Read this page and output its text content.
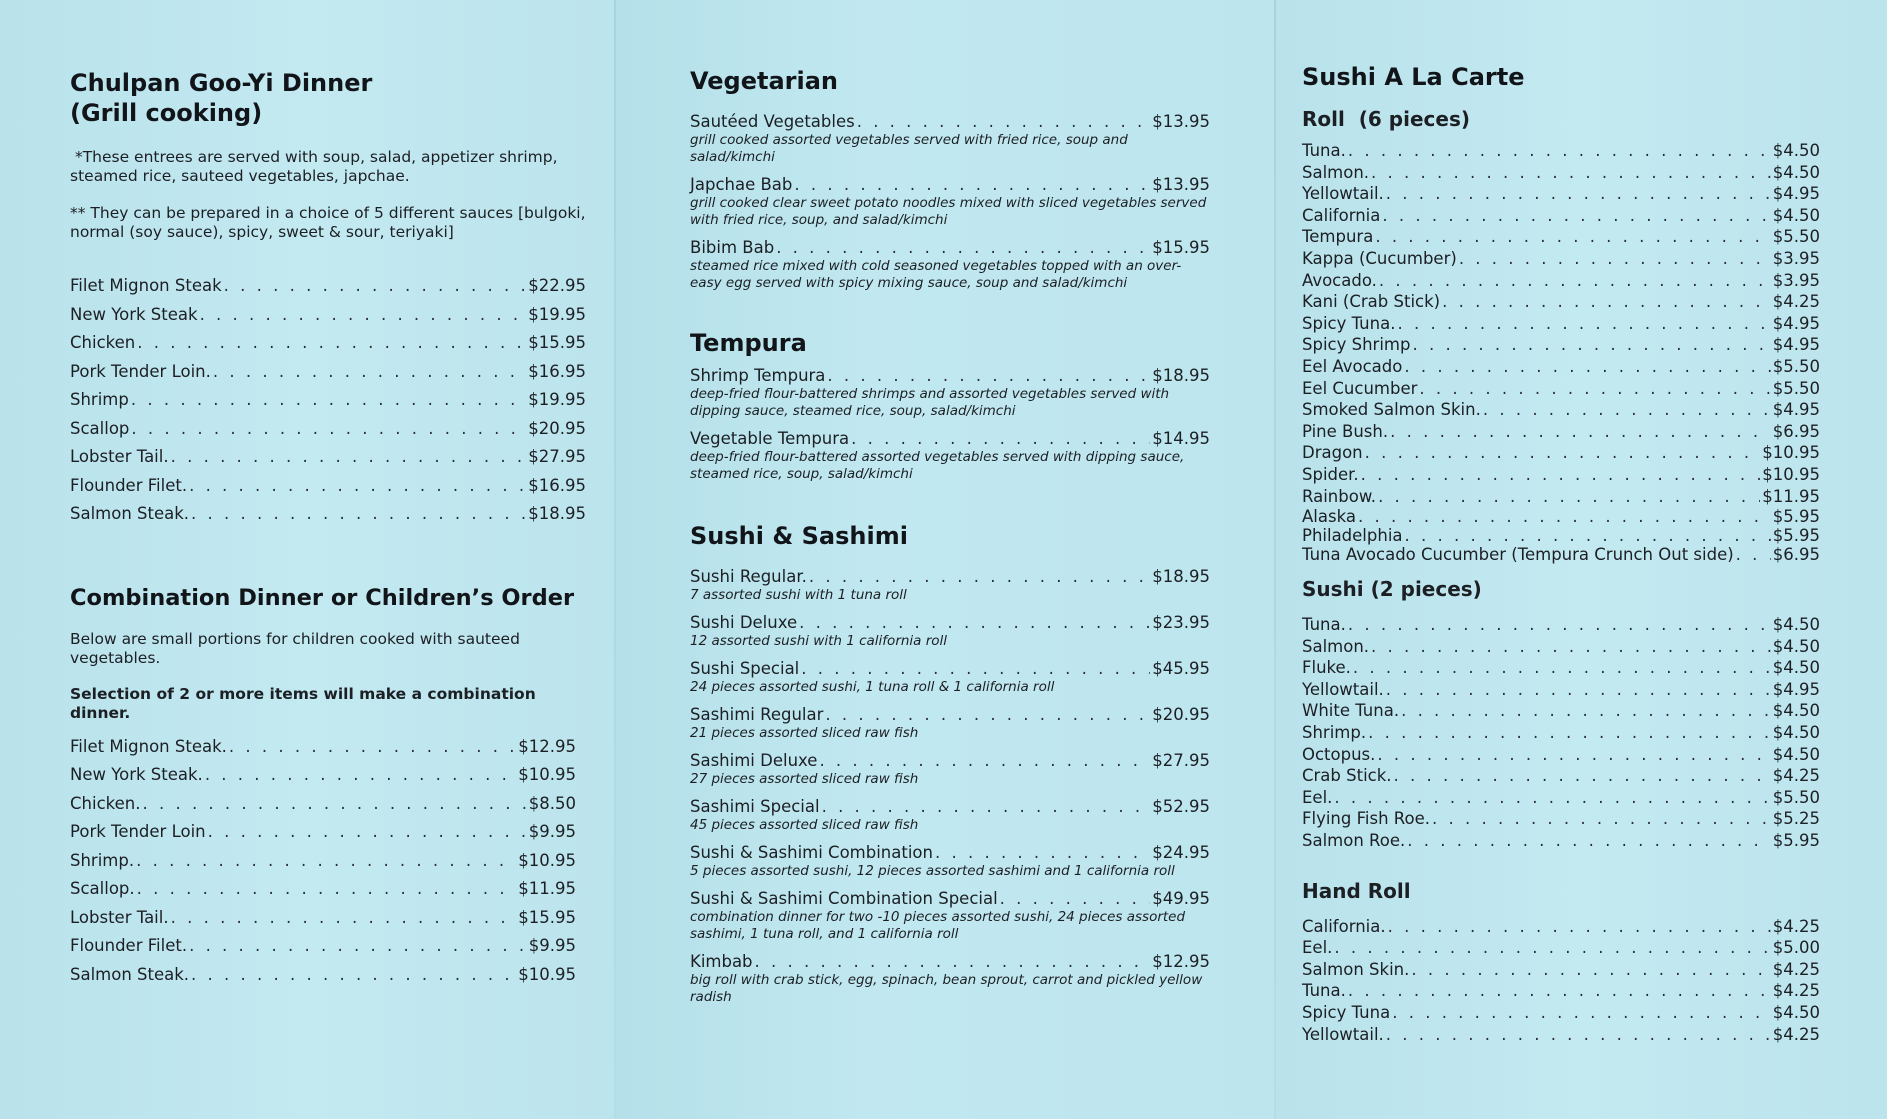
Chulpan Goo-Yi Dinner
(Grill cooking)

*These entrees are served with soup, salad, appetizer shrimp, steamed rice, sauteed vegetables, japchae.

** They can be prepared in a choice of 5 different sauces [bulgoki, normal (soy sauce), spicy, sweet & sour, teriyaki]

Filet Mignon Steak . . .	$22.95
New York Steak . . .	$19.95
Chicken . . .	$15.95
Pork Tender Loin. . . .	$16.95
Shrimp . . .	$19.95
Scallop . . .	$20.95
Lobster Tail. . . .	$27.95
Flounder Filet. . . .	$16.95
Salmon Steak. . . .	$18.95
Combination Dinner or Children’s Order

Below are small portions for children cooked with sauteed vegetables.

Selection of 2 or more items will make a combination dinner.

Filet Mignon Steak. . . .	$12.95
New York Steak. . . .	$10.95
Chicken. . . .	$8.50
Pork Tender Loin . . .	$9.95
Shrimp. . . .	$10.95
Scallop. . . .	$11.95
Lobster Tail. . . .	$15.95
Flounder Filet. . . .	$9.95
Salmon Steak. . . .	$10.95
Vegetarian
Sautéed Vegetables . . .	$13.95
grill cooked assorted vegetables served with fried rice, soup and salad/kimchi
Japchae Bab . . .	$13.95
grill cooked clear sweet potato noodles mixed with sliced vegetables served with fried rice, soup, and salad/kimchi
Bibim Bab . . .	$15.95
steamed rice mixed with cold seasoned vegetables topped with an over-easy egg served with spicy mixing sauce, soup and salad/kimchi
Tempura
Shrimp Tempura . . .	$18.95
deep-fried flour-battered shrimps and assorted vegetables served with dipping sauce, steamed rice, soup, salad/kimchi
Vegetable Tempura . . .	$14.95
deep-fried flour-battered assorted vegetables served with dipping sauce, steamed rice, soup, salad/kimchi
Sushi & Sashimi
Sushi Regular. . . .	$18.95
7 assorted sushi with 1 tuna roll
Sushi Deluxe . . .	$23.95
12 assorted sushi with 1 california roll
Sushi Special . . .	$45.95
24 pieces assorted sushi, 1 tuna roll & 1 california roll
Sashimi Regular . . .	$20.95
21 pieces assorted sliced raw fish
Sashimi Deluxe . . .	$27.95
27 pieces assorted sliced raw fish
Sashimi Special . . .	$52.95
45 pieces assorted sliced raw fish
Sushi & Sashimi Combination . . .	$24.95
5 pieces assorted sushi, 12 pieces assorted sashimi and 1 california roll
Sushi & Sashimi Combination Special . . .	$49.95
combination dinner for two -10 pieces assorted sushi, 24 pieces assorted sashimi, 1 tuna roll, and 1 california roll
Kimbab . . .	$12.95
big roll with crab stick, egg, spinach, bean sprout, carrot and pickled yellow radish
Sushi A La Carte
Roll  (6 pieces)
Tuna. . . .	$4.50
Salmon. . . .	$4.50
Yellowtail. . . .	$4.95
California . . .	$4.50
Tempura . . .	$5.50
Kappa (Cucumber) . . .	$3.95
Avocado. . . .	$3.95
Kani (Crab Stick) . . .	$4.25
Spicy Tuna. . . .	$4.95
Spicy Shrimp . . .	$4.95
Eel Avocado . . .	$5.50
Eel Cucumber . . .	$5.50
Smoked Salmon Skin. . . .	$4.95
Pine Bush. . . .	$6.95
Dragon . . .	$10.95
Spider. . . .	$10.95
Rainbow. . . .	$11.95
Alaska . . .	$5.95
Philadelphia . . .	$5.95
Tuna Avocado Cucumber (Tempura Crunch Out side) . . . $6.95
Sushi (2 pieces)
Tuna. . . .	$4.50
Salmon. . . .	$4.50
Fluke. . . .	$4.50
Yellowtail. . . .	$4.95
White Tuna. . . .	$4.50
Shrimp. . . .	$4.50
Octopus. . . .	$4.50
Crab Stick. . . .	$4.25
Eel. . . .	$5.50
Flying Fish Roe. . . .	$5.25
Salmon Roe. . . .	$5.95
Hand Roll
California. . . .	$4.25
Eel. . . .	$5.00
Salmon Skin. . . .	$4.25
Tuna. . . .	$4.25
Spicy Tuna . . .	$4.50
Yellowtail. . . .	$4.25
